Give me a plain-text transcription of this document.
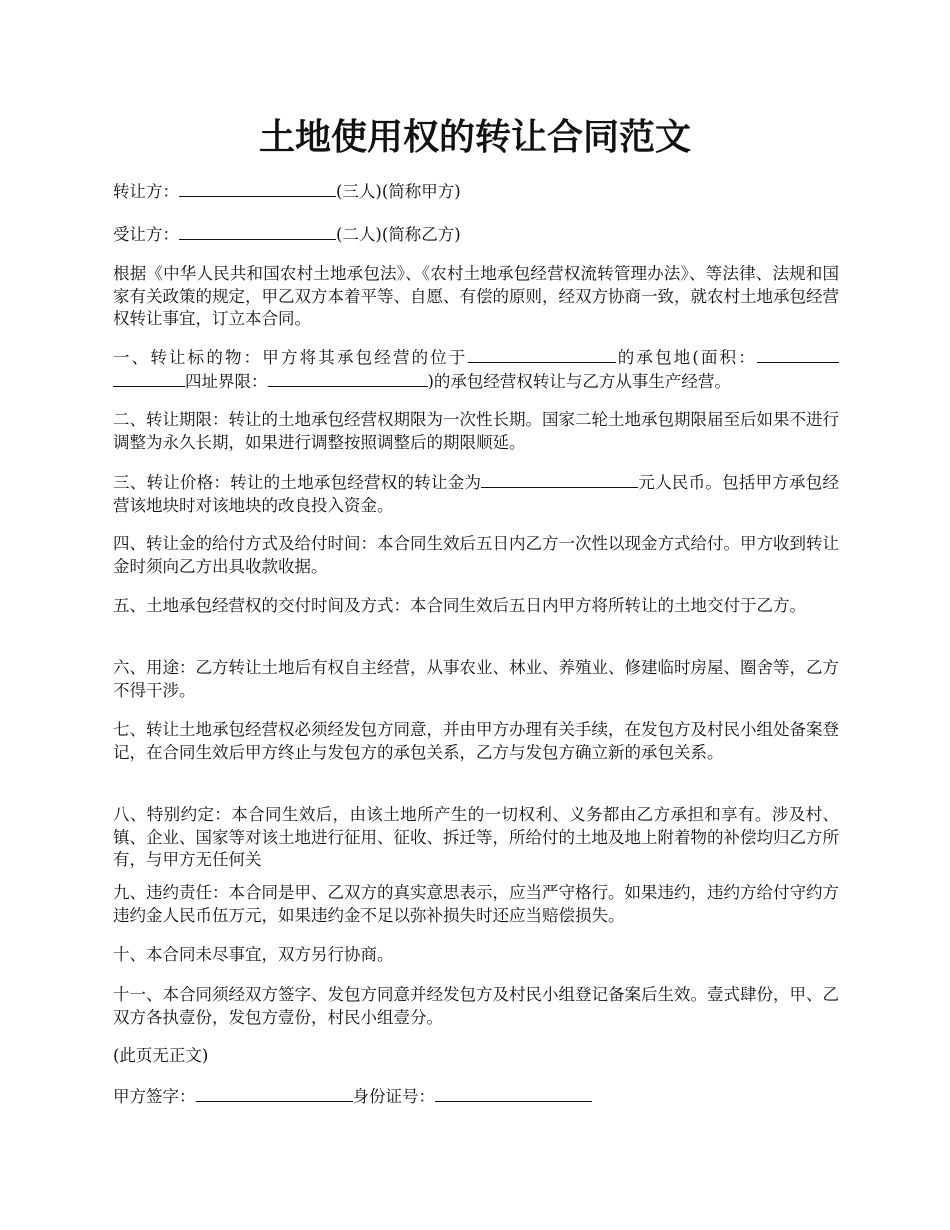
土地使用权的转让合同范文

转让方：	(三人)(简称甲方)

受让方：	(二人)(简称乙方)

根据《中华人民共和国农村土地承包法》、《农村土地承包经营权流转管理办法》、等法律、法规和国家有关政策的规定，甲乙双方本着平等、自愿、有偿的原则，经双方协商一致，就农村土地承包经营权转让事宜，订立本合同。

一、转让标的物：甲方将其承包经营的位于	的承包地(面积：四址界限：	)的承包经营权转让与乙方从事生产经营。

二、转让期限：转让的土地承包经营权期限为一次性长期。国家二轮土地承包期限届至后如果不进行调整为永久长期，如果进行调整按照调整后的期限顺延。

三、转让价格：转让的土地承包经营权的转让金为	元人民币。包括甲方承包经营该地块时对该地块的改良投入资金。

四、转让金的给付方式及给付时间：本合同生效后五日内乙方一次性以现金方式给付。甲方收到转让金时须向乙方出具收款收据。

五、土地承包经营权的交付时间及方式：本合同生效后五日内甲方将所转让的土地交付于乙方。

六、用途：乙方转让土地后有权自主经营，从事农业、林业、养殖业、修建临时房屋、圈舍等，乙方不得干涉。

七、转让土地承包经营权必须经发包方同意，并由甲方办理有关手续，在发包方及村民小组处备案登记，在合同生效后甲方终止与发包方的承包关系，乙方与发包方确立新的承包关系。

八、特别约定：本合同生效后，由该土地所产生的一切权利、义务都由乙方承担和享有。涉及村、镇、企业、国家等对该土地进行征用、征收、拆迁等，所给付的土地及地上附着物的补偿均归乙方所有，与甲方无任何关

九、违约责任：本合同是甲、乙双方的真实意思表示，应当严守格行。如果违约，违约方给付守约方违约金人民币伍万元，如果违约金不足以弥补损失时还应当赔偿损失。

十、本合同未尽事宜，双方另行协商。

十一、本合同须经双方签字、发包方同意并经发包方及村民小组登记备案后生效。壹式肆份，甲、乙双方各执壹份，发包方壹份，村民小组壹分。

(此页无正文)

甲方签字：	身份证号：
